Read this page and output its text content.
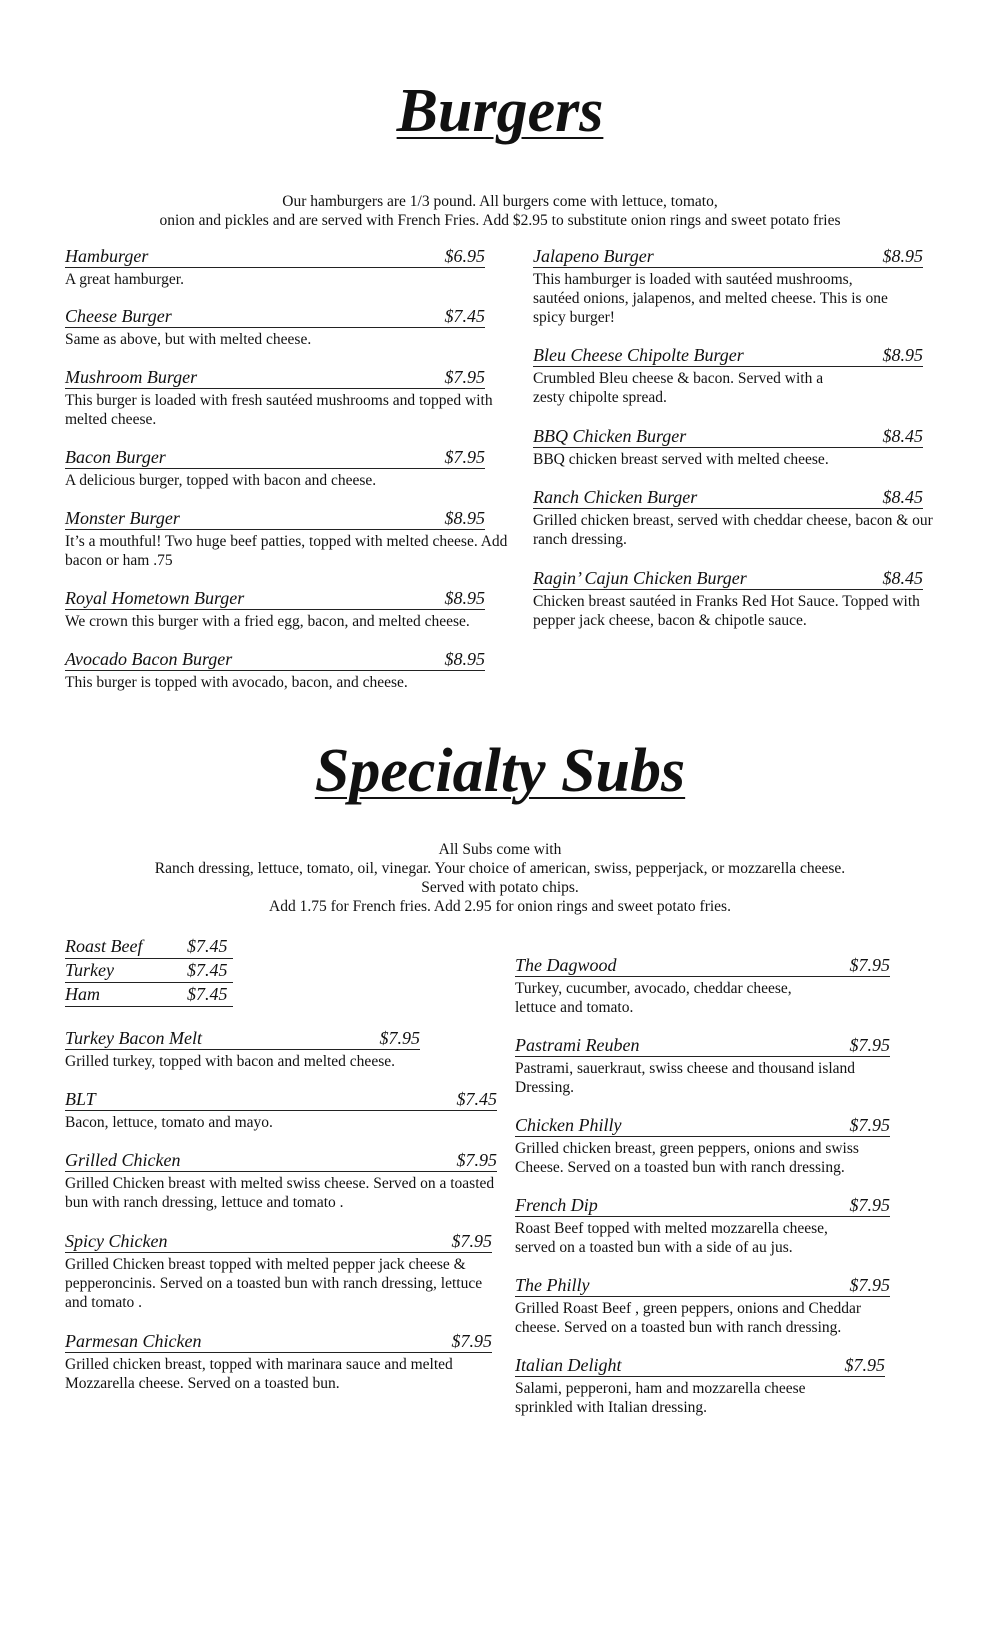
Burgers
Our hamburgers are 1/3 pound. All burgers come with lettuce, tomato,
onion and pickles and are served with French Fries. Add $2.95 to substitute onion rings and sweet potato fries
Hamburger	$6.95
A great hamburger.
Cheese Burger	$7.45
Same as above, but with melted cheese.
Mushroom Burger	$7.95
This burger is loaded with fresh sautéed mushrooms and topped with melted cheese.
Bacon Burger	$7.95
A delicious burger, topped with bacon and cheese.
Monster Burger	$8.95
It’s a mouthful! Two huge beef patties, topped with melted cheese. Add bacon or ham .75
Royal Hometown Burger	$8.95
We crown this burger with a fried egg, bacon, and melted cheese.
Avocado Bacon Burger	$8.95
This burger is topped with avocado, bacon, and cheese.
Jalapeno Burger	$8.95
This hamburger is loaded with sautéed mushrooms, sautéed onions, jalapenos, and melted cheese. This is one spicy burger!
Bleu Cheese Chipolte Burger	$8.95
Crumbled Bleu cheese & bacon. Served with a zesty chipolte spread.
BBQ Chicken Burger	$8.45
BBQ chicken breast served with melted cheese.
Ranch Chicken Burger	$8.45
Grilled chicken breast, served with cheddar cheese, bacon & our ranch dressing.
Ragin’ Cajun Chicken Burger	$8.45
Chicken breast sautéed in Franks Red Hot Sauce. Topped with pepper jack cheese, bacon & chipotle sauce.
Specialty Subs
All Subs come with
Ranch dressing, lettuce, tomato, oil, vinegar. Your choice of american, swiss, pepperjack, or mozzarella cheese.
Served with potato chips.
Add 1.75 for French fries. Add 2.95 for onion rings and sweet potato fries.
Roast Beef	$7.45
Turkey	$7.45
Ham	$7.45
Turkey Bacon Melt	$7.95
Grilled turkey, topped with bacon and melted cheese.
BLT	$7.45
Bacon, lettuce, tomato and mayo.
Grilled Chicken	$7.95
Grilled Chicken breast with melted swiss cheese. Served on a toasted bun with ranch dressing, lettuce and tomato .
Spicy Chicken	$7.95
Grilled Chicken breast topped with melted pepper jack cheese & pepperoncinis. Served on a toasted bun with ranch dressing, lettuce and tomato .
Parmesan Chicken	$7.95
Grilled chicken breast, topped with marinara sauce and melted Mozzarella cheese. Served on a toasted bun.
The Dagwood	$7.95
Turkey, cucumber, avocado, cheddar cheese, lettuce and tomato.
Pastrami Reuben	$7.95
Pastrami, sauerkraut, swiss cheese and thousand island Dressing.
Chicken Philly	$7.95
Grilled chicken breast, green peppers, onions and swiss Cheese. Served on a toasted bun with ranch dressing.
French Dip	$7.95
Roast Beef topped with melted mozzarella cheese, served on a toasted bun with a side of au jus.
The Philly	$7.95
Grilled Roast Beef , green peppers, onions and Cheddar cheese. Served on a toasted bun with ranch dressing.
Italian Delight	$7.95
Salami, pepperoni, ham and mozzarella cheese sprinkled with Italian dressing.
